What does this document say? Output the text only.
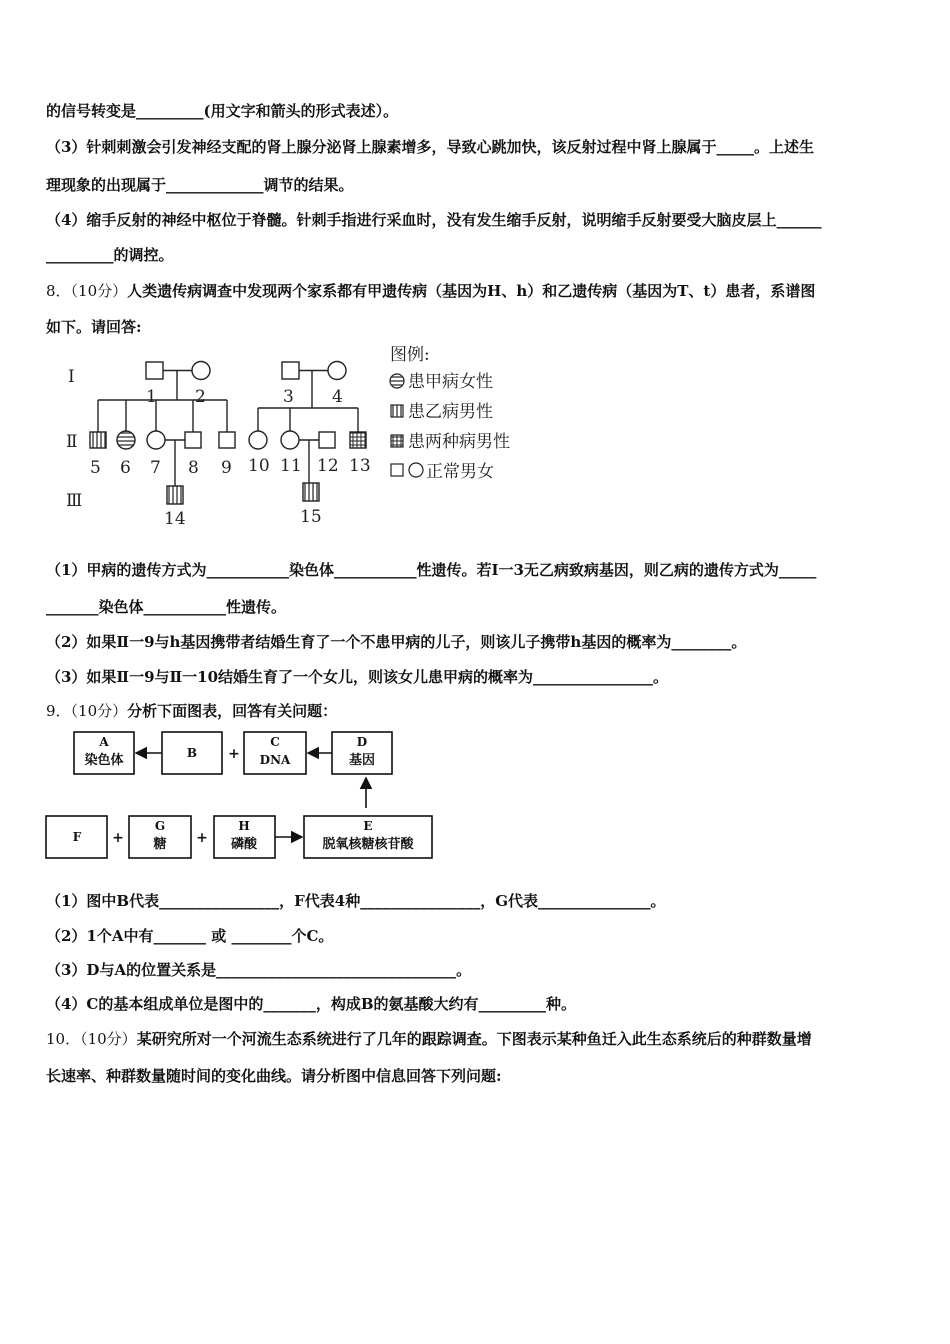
的信号转变是_________(用文字和箭头的形式表述）。
（3）针刺刺激会引发神经支配的肾上腺分泌肾上腺素增多，导致心跳加快，该反射过程中肾上腺属于_____。上述生
理现象的出现属于_____________调节的结果。
（4）缩手反射的神经中枢位于脊髓。针刺手指进行采血时，没有发生缩手反射，说明缩手反射要受大脑皮层上______
_________的调控。
8．（10分）人类遗传病调查中发现两个家系都有甲遗传病（基因为H、h）和乙遗传病（基因为T、t）患者，系谱图
如下。请回答:
Ⅰ
Ⅱ
Ⅲ
1 2	3 4
5 6 7 8 9 10 11 12 13
14	15
图例:
患甲病女性
患乙病男性
患两种病男性
正常男女
（1）甲病的遗传方式为___________染色体___________性遗传。若Ⅰ一3无乙病致病基因，则乙病的遗传方式为_____
_______染色体___________性遗传。
（2）如果Ⅱ一9与h基因携带者结婚生育了一个不患甲病的儿子，则该儿子携带h基因的概率为________。
（3）如果Ⅱ一9与Ⅱ一10结婚生育了一个女儿，则该女儿患甲病的概率为________________。
9．（10分）分析下面图表，回答有关问题：
A
染色体	B
C
DNA
D
基因
F
G
糖
H
磷酸
E
脱氧核糖核苷酸
+
+	+
（1）图中B代表________________，F代表4种________________，G代表_______________。
（2）1个A中有_______ 或 ________个C。
（3）D与A的位置关系是________________________________。
（4）C的基本组成单位是图中的_______，构成B的氨基酸大约有_________种。
10．（10分）某研究所对一个河流生态系统进行了几年的跟踪调查。下图表示某种鱼迁入此生态系统后的种群数量增
长速率、种群数量随时间的变化曲线。请分析图中信息回答下列问题:
